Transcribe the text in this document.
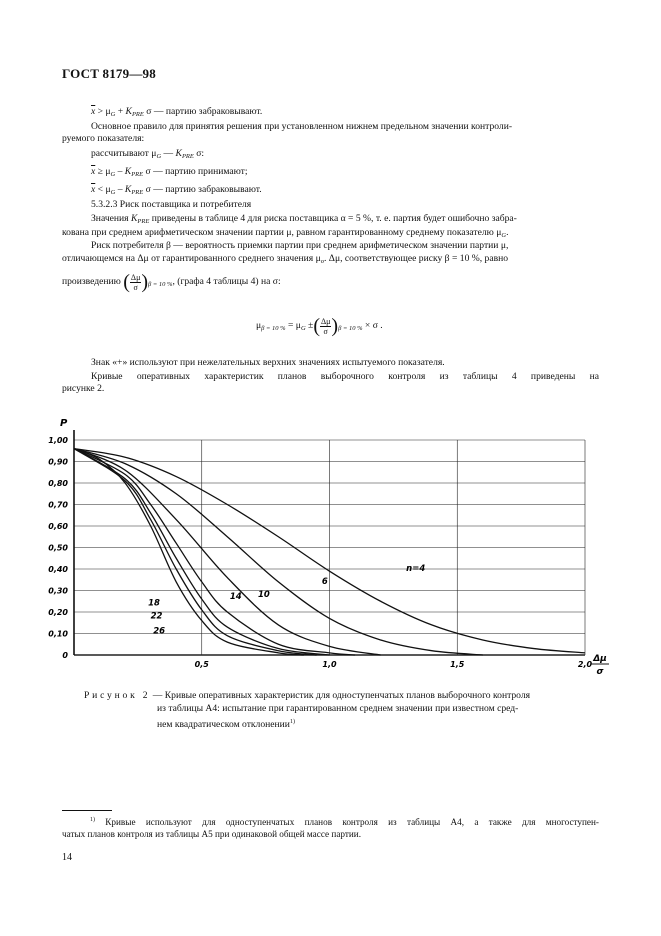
ГОСТ 8179—98
$\overline{x} > \mu_G + K_{PRE}$ σ — партию забраковывают.
Основное правило для принятия решения при установленном нижнем предельном значении контроли-
руемого показателя:
рассчитывают $\mu_G$ — $K_{PRE}$ σ:
$\overline{x} \ge \mu_G - K_{PRE}$ σ — партию принимают;
$\overline{x} < \mu_G - K_{PRE}$ σ — партию забраковывают.
5.3.2.3 Риск поставщика и потребителя
Значения $K_{PRE}$ приведены в таблице 4 для риска поставщика α = 5 %, т. е. партия будет ошибочно забра-
кована при среднем арифметическом значении партии μ, равном гарантированному среднему показателю $\mu_G$.
Риск потребителя β — вероятность приемки партии при среднем арифметическом значении партии μ,
отличающемся на Δμ от гарантированного среднего значения $\mu_o$. Δμ, соответствующее риску β = 10 %, равно
произведению ( $\frac{\Delta\mu}{\sigma} )_{\beta = 10 \%}$, (графа 4 таблицы 4) на σ:
$\mu_{\beta = 10 \%} = \mu_G$ ±( $\frac{\Delta\mu}{\sigma} )_{\beta = 10 \%} \times \sigma$ .
Знак «+» используют при нежелательных верхних значениях испытуемого показателя.
Кривые оперативных характеристик планов выборочного контроля из таблицы 4 приведены на
рисунке 2.
0
0,10
0,20
0,30
0,40
0,50
0,60
0,70
0,80
0,90
1,00
0,5	1,0	1,5	2,0
n=4
6
10
14
18
22
26
P
Δμ
σ
Рисунок 2 — Кривые оперативных характеристик для одноступенчатых планов выборочного контроля
из таблицы А4: испытание при гарантированном среднем значении при известном сред-
нем квадратическом отклонении$^{1)}$
$^{1)}$ Кривые используют для одноступенчатых планов контроля из таблицы А4, а также для многоступен-
чатых планов контроля из таблицы А5 при одинаковой общей массе партии.
14
